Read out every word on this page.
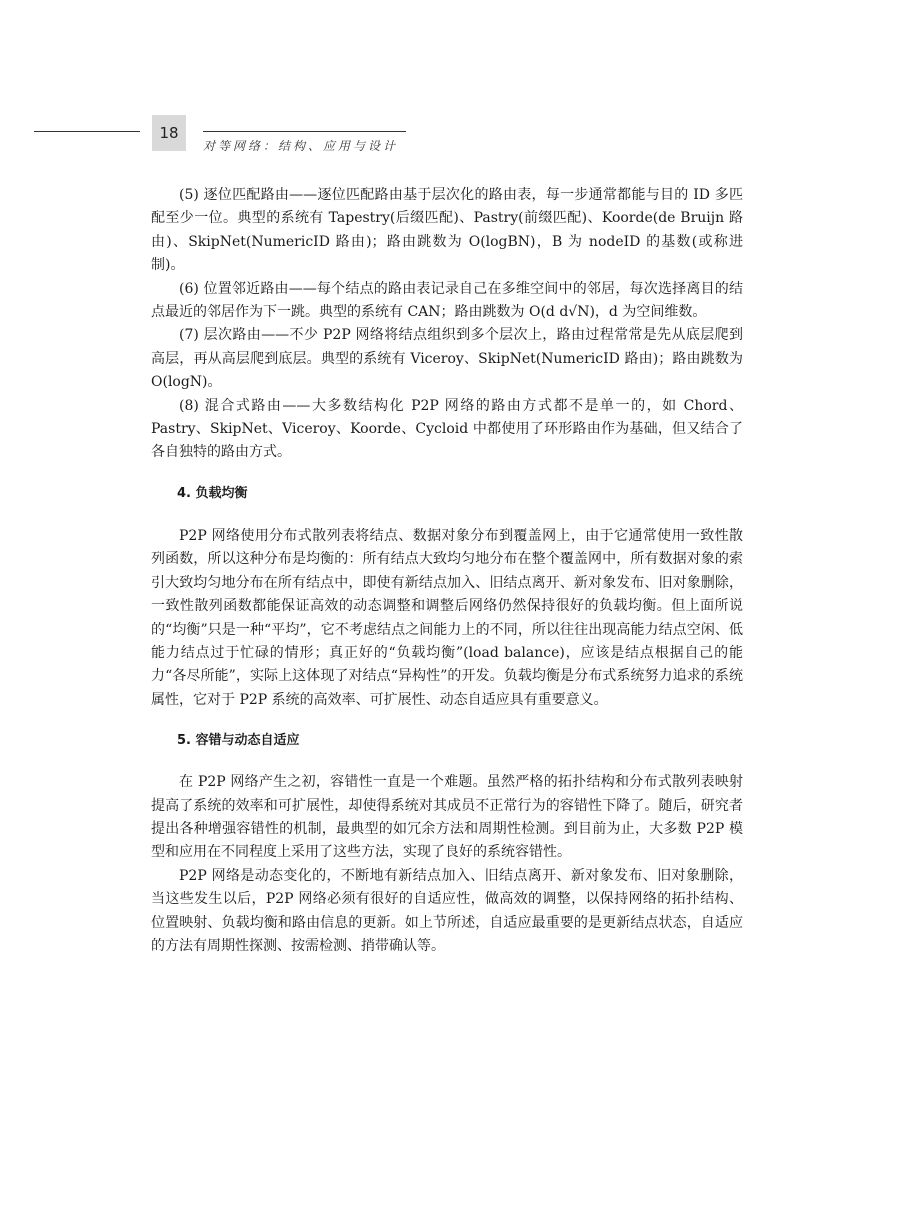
18
对等网络：结构、应用与设计

(5) 逐位匹配路由——逐位匹配路由基于层次化的路由表，每一步通常都能与目的 ID 多匹配至少一位。典型的系统有 Tapestry(后缀匹配)、Pastry(前缀匹配)、Koorde(de Bruijn 路由)、SkipNet(NumericID 路由)；路由跳数为 O(logBN)，B 为 nodeID 的基数(或称进制)。

(6) 位置邻近路由——每个结点的路由表记录自己在多维空间中的邻居，每次选择离目的结点最近的邻居作为下一跳。典型的系统有 CAN；路由跳数为 O(d d√N)，d 为空间维数。

(7) 层次路由——不少 P2P 网络将结点组织到多个层次上，路由过程常常是先从底层爬到高层，再从高层爬到底层。典型的系统有 Viceroy、SkipNet(NumericID 路由)；路由跳数为 O(logN)。

(8) 混合式路由——大多数结构化 P2P 网络的路由方式都不是单一的，如 Chord、Pastry、SkipNet、Viceroy、Koorde、Cycloid 中都使用了环形路由作为基础，但又结合了各自独特的路由方式。

4. 负载均衡

P2P 网络使用分布式散列表将结点、数据对象分布到覆盖网上，由于它通常使用一致性散列函数，所以这种分布是均衡的：所有结点大致均匀地分布在整个覆盖网中，所有数据对象的索引大致均匀地分布在所有结点中，即使有新结点加入、旧结点离开、新对象发布、旧对象删除，一致性散列函数都能保证高效的动态调整和调整后网络仍然保持很好的负载均衡。但上面所说的“均衡”只是一种“平均”，它不考虑结点之间能力上的不同，所以往往出现高能力结点空闲、低能力结点过于忙碌的情形；真正好的“负载均衡”(load balance)，应该是结点根据自己的能力“各尽所能”，实际上这体现了对结点“异构性”的开发。负载均衡是分布式系统努力追求的系统属性，它对于 P2P 系统的高效率、可扩展性、动态自适应具有重要意义。

5. 容错与动态自适应

在 P2P 网络产生之初，容错性一直是一个难题。虽然严格的拓扑结构和分布式散列表映射提高了系统的效率和可扩展性，却使得系统对其成员不正常行为的容错性下降了。随后，研究者提出各种增强容错性的机制，最典型的如冗余方法和周期性检测。到目前为止，大多数 P2P 模型和应用在不同程度上采用了这些方法，实现了良好的系统容错性。

P2P 网络是动态变化的，不断地有新结点加入、旧结点离开、新对象发布、旧对象删除，当这些发生以后，P2P 网络必须有很好的自适应性，做高效的调整，以保持网络的拓扑结构、位置映射、负载均衡和路由信息的更新。如上节所述，自适应最重要的是更新结点状态，自适应的方法有周期性探测、按需检测、捎带确认等。
